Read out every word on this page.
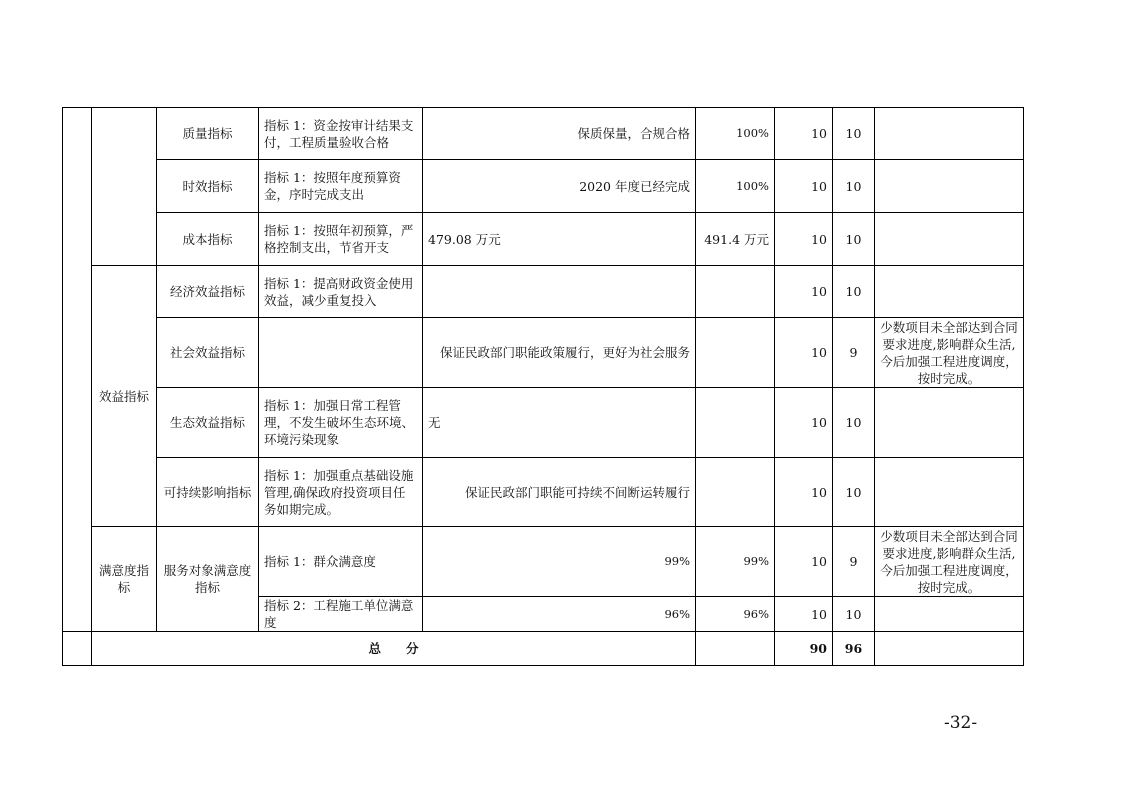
		质量指标	指标 1：资金按审计结果支付，工程质量验收合格	保质保量，合规合格	100%	10	10	
		时效指标	指标 1：按照年度预算资金，序时完成支出	2020 年度已经完成	100%	10	10	
		成本指标	指标 1：按照年初预算，严格控制支出，节省开支	479.08 万元	491.4 万元	10	10	
	效益指标	经济效益指标	指标 1：提高财政资金使用效益，减少重复投入			10	10	
		社会效益指标		保证民政部门职能政策履行，更好为社会服务		10	9	少数项目未全部达到合同要求进度,影响群众生活,今后加强工程进度调度，按时完成。
		生态效益指标	指标 1：加强日常工程管理，不发生破坏生态环境、环境污染现象	无		10	10	
		可持续影响指标	指标 1：加强重点基础设施管理,确保政府投资项目任务如期完成。	保证民政部门职能可持续不间断运转履行		10	10	
	满意度指标	服务对象满意度指标	指标 1：群众满意度	99%	99%	10	9	少数项目未全部达到合同要求进度,影响群众生活,今后加强工程进度调度，按时完成。
			指标 2：工程施工单位满意度	96%	96%	10	10	
	总　　分					90	96	
-32-
